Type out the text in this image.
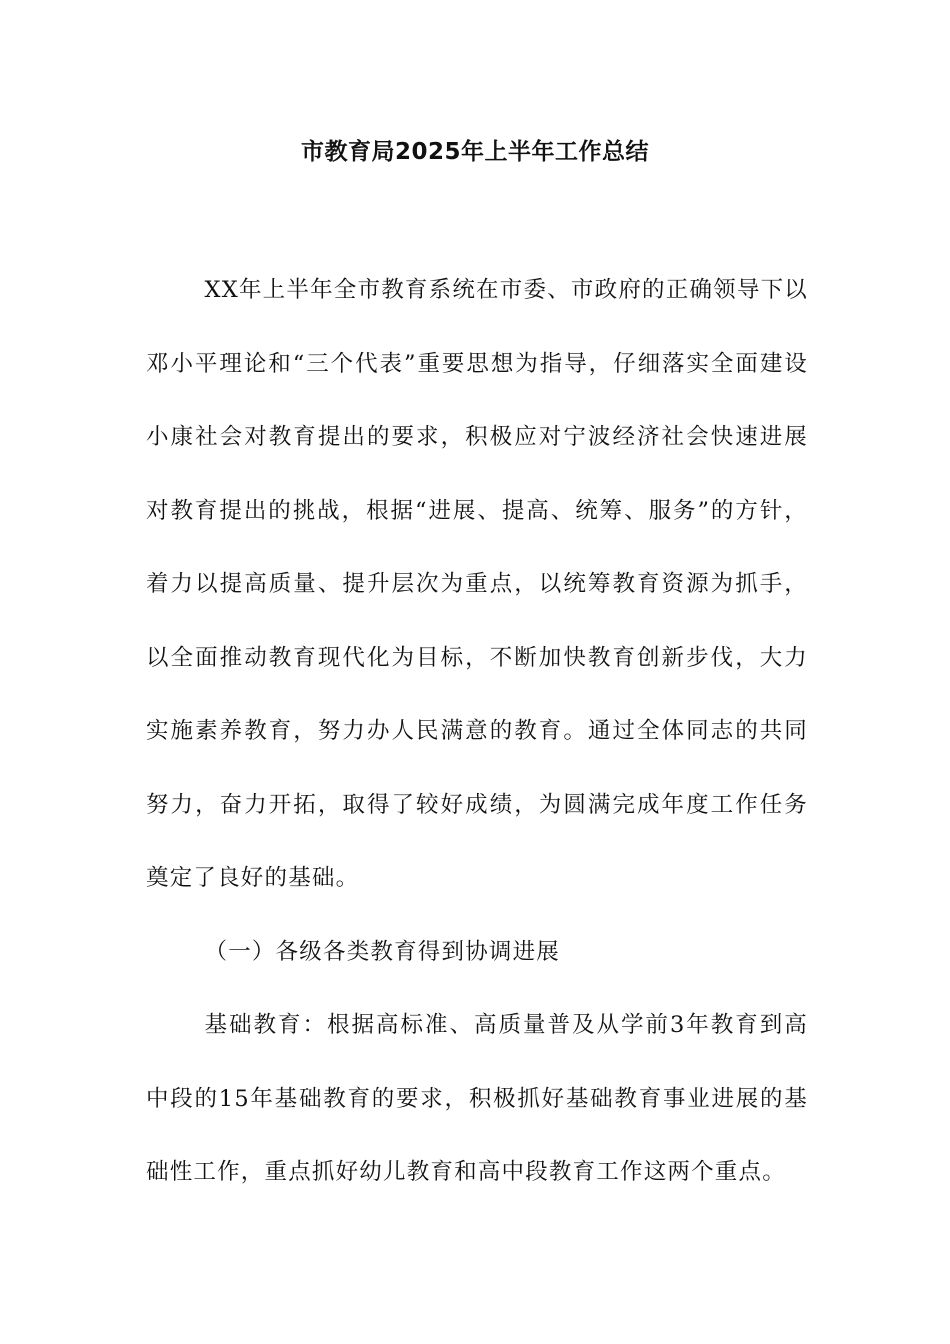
市教育局2025年上半年工作总结

XX年上半年全市教育系统在市委、市政府的正确领导下以邓小平理论和“三个代表”重要思想为指导，仔细落实全面建设小康社会对教育提出的要求，积极应对宁波经济社会快速进展对教育提出的挑战，根据“进展、提高、统筹、服务”的方针，着力以提高质量、提升层次为重点，以统筹教育资源为抓手，以全面推动教育现代化为目标，不断加快教育创新步伐，大力实施素养教育，努力办人民满意的教育。通过全体同志的共同努力，奋力开拓，取得了较好成绩，为圆满完成年度工作任务奠定了良好的基础。

（一）各级各类教育得到协调进展

基础教育：根据高标准、高质量普及从学前3年教育到高中段的15年基础教育的要求，积极抓好基础教育事业进展的基础性工作，重点抓好幼儿教育和高中段教育工作这两个重点。
